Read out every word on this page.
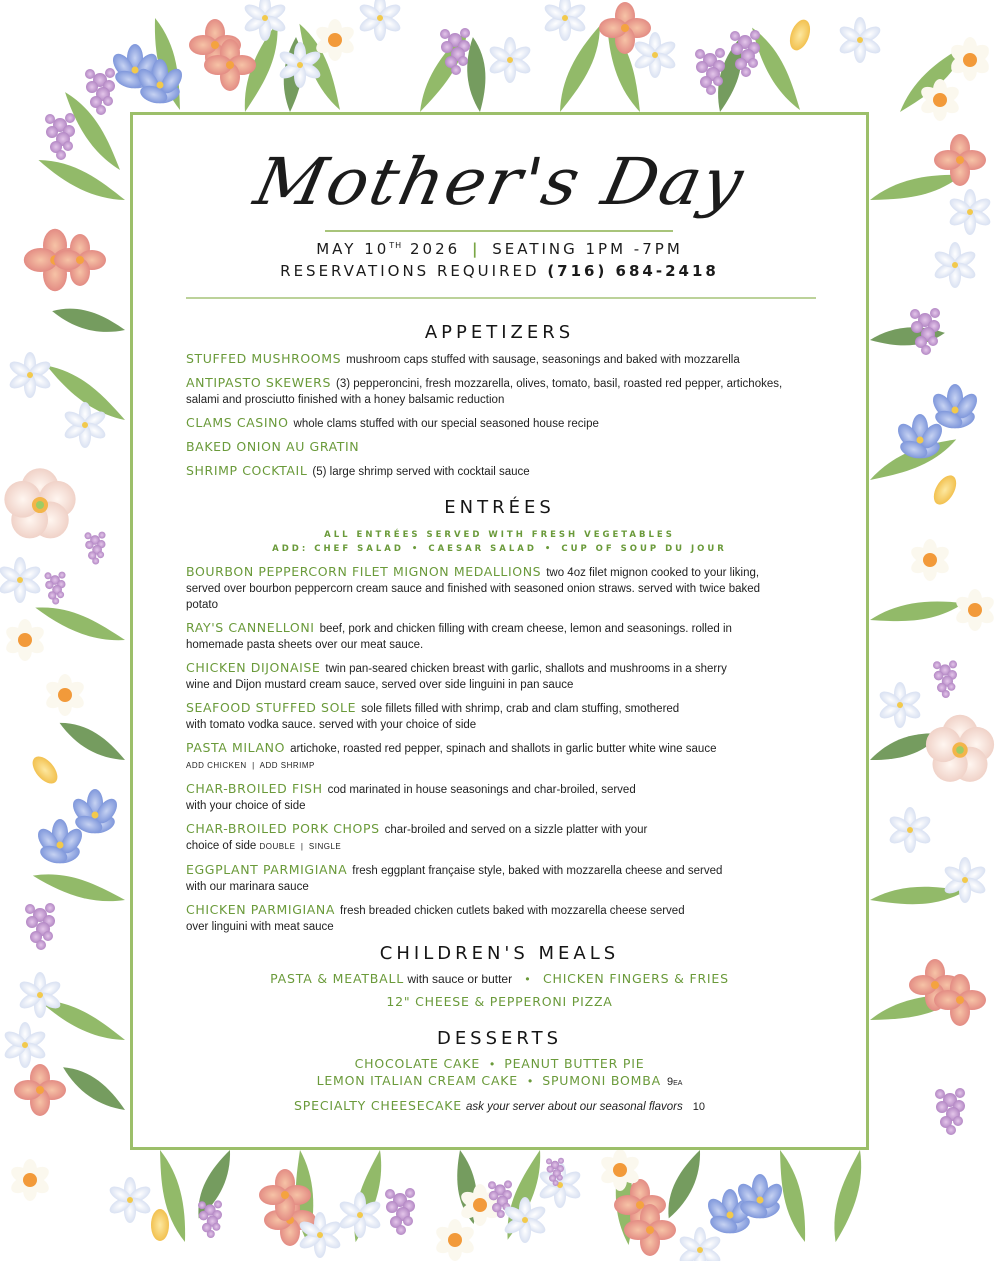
Mother's Day
MAY 10TH 2026 | SEATING 1PM -7PM
RESERVATIONS REQUIRED (716) 684-2418
APPETIZERS

STUFFED MUSHROOMS mushroom caps stuffed with sausage, seasonings and baked with mozzarella

ANTIPASTO SKEWERS (3) pepperoncini, fresh mozzarella, olives, tomato, basil, roasted red pepper, artichokes, salami and prosciutto finished with a honey balsamic reduction

CLAMS CASINO whole clams stuffed with our special seasoned house recipe

BAKED ONION AU GRATIN

SHRIMP COCKTAIL (5) large shrimp served with cocktail sauce

ENTRÉES
ALL ENTRÉES SERVED WITH FRESH VEGETABLES
ADD: CHEF SALAD • CAESAR SALAD • CUP OF SOUP DU JOUR

BOURBON PEPPERCORN FILET MIGNON MEDALLIONS two 4oz filet mignon cooked to your liking, served over bourbon peppercorn cream sauce and finished with seasoned onion straws. served with twice baked potato

RAY'S CANNELLONI beef, pork and chicken filling with cream cheese, lemon and seasonings. rolled in homemade pasta sheets over our meat sauce.

CHICKEN DIJONAISE twin pan-seared chicken breast with garlic, shallots and mushrooms in a sherry wine and Dijon mustard cream sauce, served over side linguini in pan sauce

SEAFOOD STUFFED SOLE sole fillets filled with shrimp, crab and clam stuffing, smothered with tomato vodka sauce. served with your choice of side

PASTA MILANO artichoke, roasted red pepper, spinach and shallots in garlic butter white wine sauce
ADD CHICKEN  |  ADD SHRIMP

CHAR-BROILED FISH cod marinated in house seasonings and char-broiled, served with your choice of side

CHAR-BROILED PORK CHOPS char-broiled and served on a sizzle platter with your choice of side DOUBLE  |  SINGLE

EGGPLANT PARMIGIANA fresh eggplant française style, baked with mozzarella cheese and served with our marinara sauce

CHICKEN PARMIGIANA fresh breaded chicken cutlets baked with mozzarella cheese served over linguini with meat sauce

CHILDREN'S MEALS
PASTA & MEATBALL with sauce or butter • CHICKEN FINGERS & FRIES
12" CHEESE & PEPPERONI PIZZA
DESSERTS
CHOCOLATE CAKE • PEANUT BUTTER PIE
LEMON ITALIAN CREAM CAKE • SPUMONI BOMBA 9EA
SPECIALTY CHEESECAKE ask your server about our seasonal flavors 10
